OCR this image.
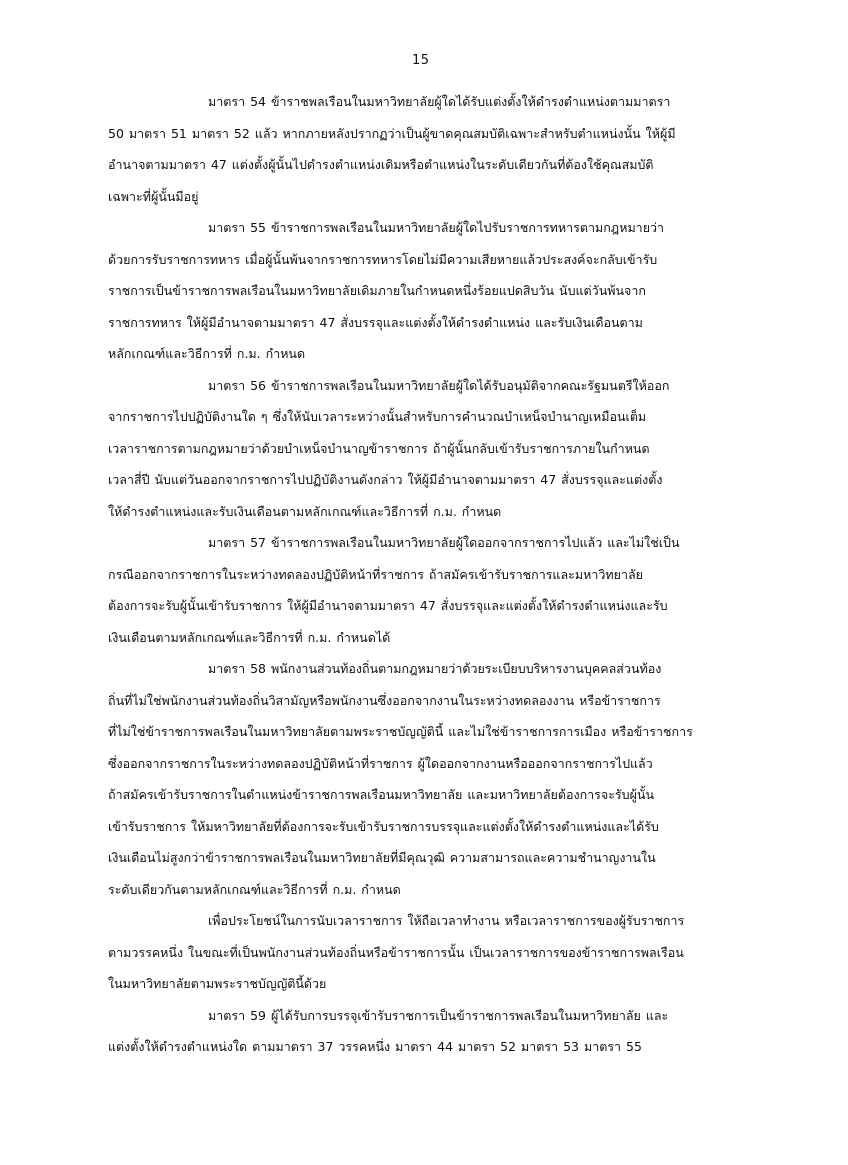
15

มาตรา 54 ข้าราชพลเรือนในมหาวิทยาลัยผู้ใดได้รับแต่งตั้งให้ดำรงตำแหน่งตามมาตรา
50 มาตรา 51 มาตรา 52 แล้ว หากภายหลังปรากฏว่าเป็นผู้ขาดคุณสมบัติเฉพาะสำหรับตำแหน่งนั้น ให้ผู้มี
อำนาจตามมาตรา 47 แต่งตั้งผู้นั้นไปดำรงตำแหน่งเดิมหรือตำแหน่งในระดับเดียวกันที่ต้องใช้คุณสมบัติ
เฉพาะที่ผู้นั้นมีอยู่

มาตรา 55 ข้าราชการพลเรือนในมหาวิทยาลัยผู้ใดไปรับราชการทหารตามกฎหมายว่า
ด้วยการรับราชการทหาร เมื่อผู้นั้นพ้นจากราชการทหารโดยไม่มีความเสียหายแล้วประสงค์จะกลับเข้ารับ
ราชการเป็นข้าราชการพลเรือนในมหาวิทยาลัยเดิมภายในกำหนดหนึ่งร้อยแปดสิบวัน นับแต่วันพ้นจาก
ราชการทหาร ให้ผู้มีอำนาจตามมาตรา 47 สั่งบรรจุและแต่งตั้งให้ดำรงตำแหน่ง และรับเงินเดือนตาม
หลักเกณฑ์และวิธีการที่ ก.ม. กำหนด

มาตรา 56 ข้าราชการพลเรือนในมหาวิทยาลัยผู้ใดได้รับอนุมัติจากคณะรัฐมนตรีให้ออก
จากราชการไปปฏิบัติงานใด ๆ ซึ่งให้นับเวลาระหว่างนั้นสำหรับการคำนวณบำเหน็จบำนาญเหมือนเต็ม
เวลาราชการตามกฎหมายว่าด้วยบำเหน็จบำนาญข้าราชการ ถ้าผู้นั้นกลับเข้ารับราชการภายในกำหนด
เวลาสี่ปี นับแต่วันออกจากราชการไปปฏิบัติงานดังกล่าว ให้ผู้มีอำนาจตามมาตรา 47 สั่งบรรจุและแต่งตั้ง
ให้ดำรงตำแหน่งและรับเงินเดือนตามหลักเกณฑ์และวิธีการที่ ก.ม. กำหนด

มาตรา 57 ข้าราชการพลเรือนในมหาวิทยาลัยผู้ใดออกจากราชการไปแล้ว และไม่ใช่เป็น
กรณีออกจากราชการในระหว่างทดลองปฏิบัติหน้าที่ราชการ ถ้าสมัครเข้ารับราชการและมหาวิทยาลัย
ต้องการจะรับผู้นั้นเข้ารับราชการ ให้ผู้มีอำนาจตามมาตรา 47 สั่งบรรจุและแต่งตั้งให้ดำรงตำแหน่งและรับ
เงินเดือนตามหลักเกณฑ์และวิธีการที่ ก.ม. กำหนดได้

มาตรา 58 พนักงานส่วนท้องถิ่นตามกฎหมายว่าด้วยระเบียบบริหารงานบุคคลส่วนท้อง
ถิ่นที่ไม่ใช่พนักงานส่วนท้องถิ่นวิสามัญหรือพนักงานซึ่งออกจากงานในระหว่างทดลองงาน หรือข้าราชการ
ที่ไม่ใช่ข้าราชการพลเรือนในมหาวิทยาลัยตามพระราชบัญญัตินี้ และไม่ใช่ข้าราชการการเมือง หรือข้าราชการ
ซึ่งออกจากราชการในระหว่างทดลองปฏิบัติหน้าที่ราชการ ผู้ใดออกจากงานหรือออกจากราชการไปแล้ว
ถ้าสมัครเข้ารับราชการในตำแหน่งข้าราชการพลเรือนมหาวิทยาลัย และมหาวิทยาลัยต้องการจะรับผู้นั้น
เข้ารับราชการ ให้มหาวิทยาลัยที่ต้องการจะรับเข้ารับราชการบรรจุและแต่งตั้งให้ดำรงตำแหน่งและได้รับ
เงินเดือนไม่สูงกว่าข้าราชการพลเรือนในมหาวิทยาลัยที่มีคุณวุฒิ ความสามารถและความชำนาญงานใน
ระดับเดียวกันตามหลักเกณฑ์และวิธีการที่ ก.ม. กำหนด

เพื่อประโยชน์ในการนับเวลาราชการ ให้ถือเวลาทำงาน หรือเวลาราชการของผู้รับราชการ
ตามวรรคหนึ่ง ในขณะที่เป็นพนักงานส่วนท้องถิ่นหรือข้าราชการนั้น เป็นเวลาราชการของข้าราชการพลเรือน
ในมหาวิทยาลัยตามพระราชบัญญัตินี้ด้วย

มาตรา 59 ผู้ได้รับการบรรจุเข้ารับราชการเป็นข้าราชการพลเรือนในมหาวิทยาลัย และ
แต่งตั้งให้ดำรงตำแหน่งใด ตามมาตรา 37 วรรคหนึ่ง มาตรา 44 มาตรา 52 มาตรา 53 มาตรา 55
